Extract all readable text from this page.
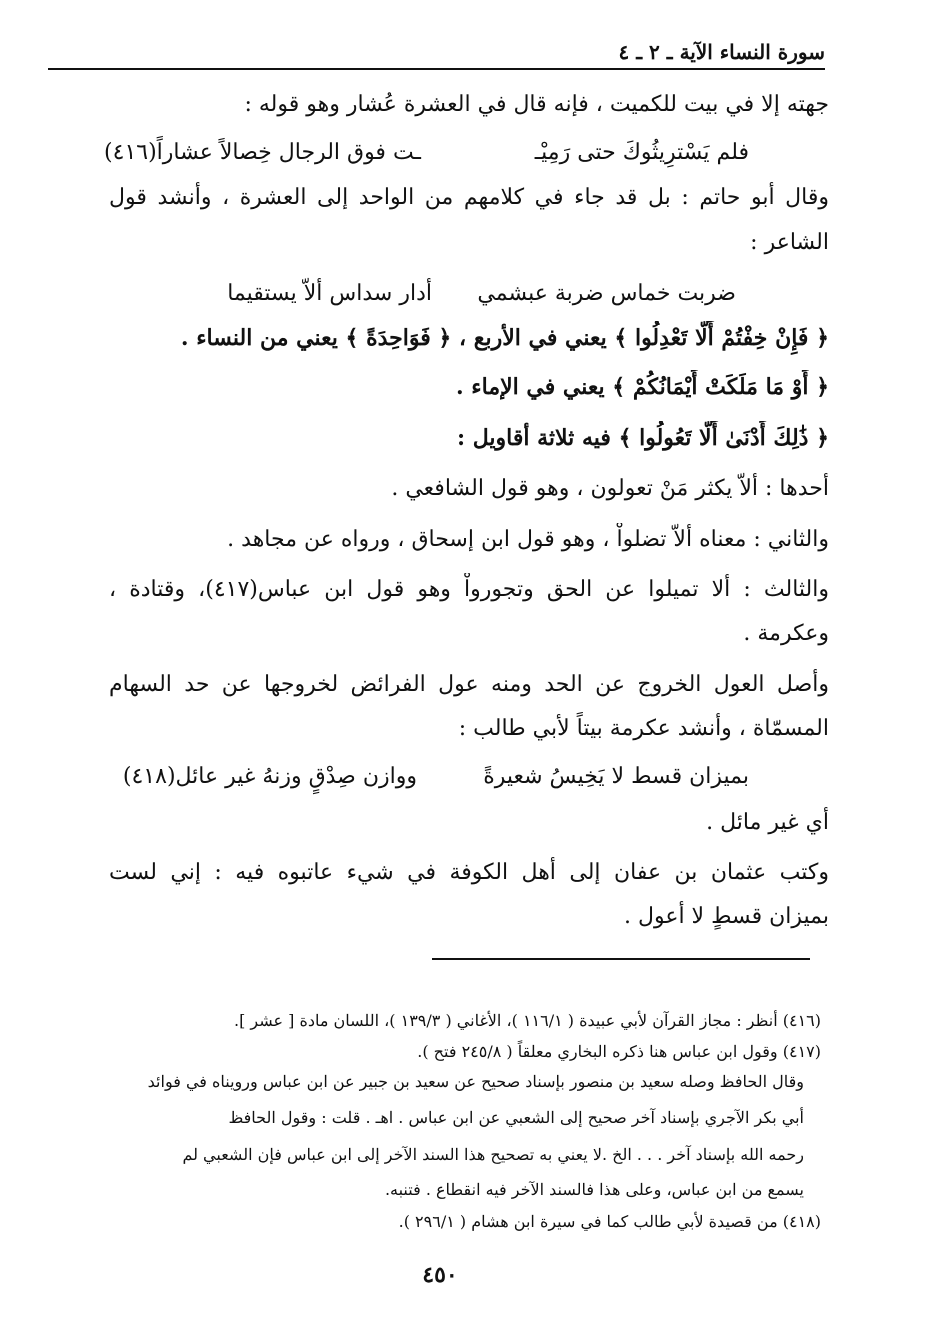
سورة النساء الآية ـ ٢ ـ ٤
جهته إلا في بيت للكميت ، فإنه قال في العشرة عُشار وهو قوله :
فلم يَسْترِيثُوكَ حتى رَمِيْـ
ـت فوق الرجال خِصالاً عشاراً(٤١٦)
وقال أبو حاتم : بل قد جاء في كلامهم من الواحد إلى العشرة ، وأنشد قول
الشاعر :
ضربت خماس ضربة عبشمي
أدار سداس ألاّ يستقيما
﴿ فَإِنْ خِفْتُمْ أَلَّا تَعْدِلُوا ﴾ يعني في الأربع ، ﴿ فَوَاحِدَةً ﴾ يعني من النساء .
﴿ أَوْ مَا مَلَكَتْ أَيْمَانُكُمْ ﴾ يعني في الإماء .
﴿ ذَٰلِكَ أَدْنَىٰ أَلَّا تَعُولُوا ﴾ فيه ثلاثة أقاويل :
أحدها : ألاّ يكثر مَنْ تعولون ، وهو قول الشافعي .
والثاني : معناه ألاّ تضلواْ ، وهو قول ابن إسحاق ، ورواه عن مجاهد .
والثالث : ألا تميلوا عن الحق وتجورواْ وهو قول ابن عباس(٤١٧)، وقتادة ،
وعكرمة .
وأصل العول الخروج عن الحد ومنه عول الفرائض لخروجها عن حد السهام
المسمّاة ، وأنشد عكرمة بيتاً لأبي طالب :
بميزان قسط لا يَخِيسُ شعيرةً
ووازن صِدْقٍ وزنهُ غير عائل(٤١٨)
أي غير مائل .
وكتب عثمان بن عفان إلى أهل الكوفة في شيء عاتبوه فيه : إني لست
بميزان قسطٍ لا أعول .
(٤١٦) أنظر : مجاز القرآن لأبي عبيدة ( ١١٦/١ )، الأغاني ( ١٣٩/٣ )، اللسان مادة [ عشر ].
(٤١٧) وقول ابن عباس هنا ذكره البخاري معلقاً ( ٢٤٥/٨ فتح ).
وقال الحافظ وصله سعيد بن منصور بإسناد صحيح عن سعيد بن جبير عن ابن عباس ورويناه في فوائد
أبي بكر الآجري بإسناد آخر صحيح إلى الشعبي عن ابن عباس . اهـ . قلت : وقول الحافظ
رحمه الله بإسناد آخر . . . الخ .لا يعني به تصحيح هذا السند الآخر إلى ابن عباس فإن الشعبي لم
يسمع من ابن عباس، وعلى هذا فالسند الآخر فيه انقطاع . فتنبه.
(٤١٨) من قصيدة لأبي طالب كما في سيرة ابن هشام ( ٢٩٦/١ ).
٤٥٠
